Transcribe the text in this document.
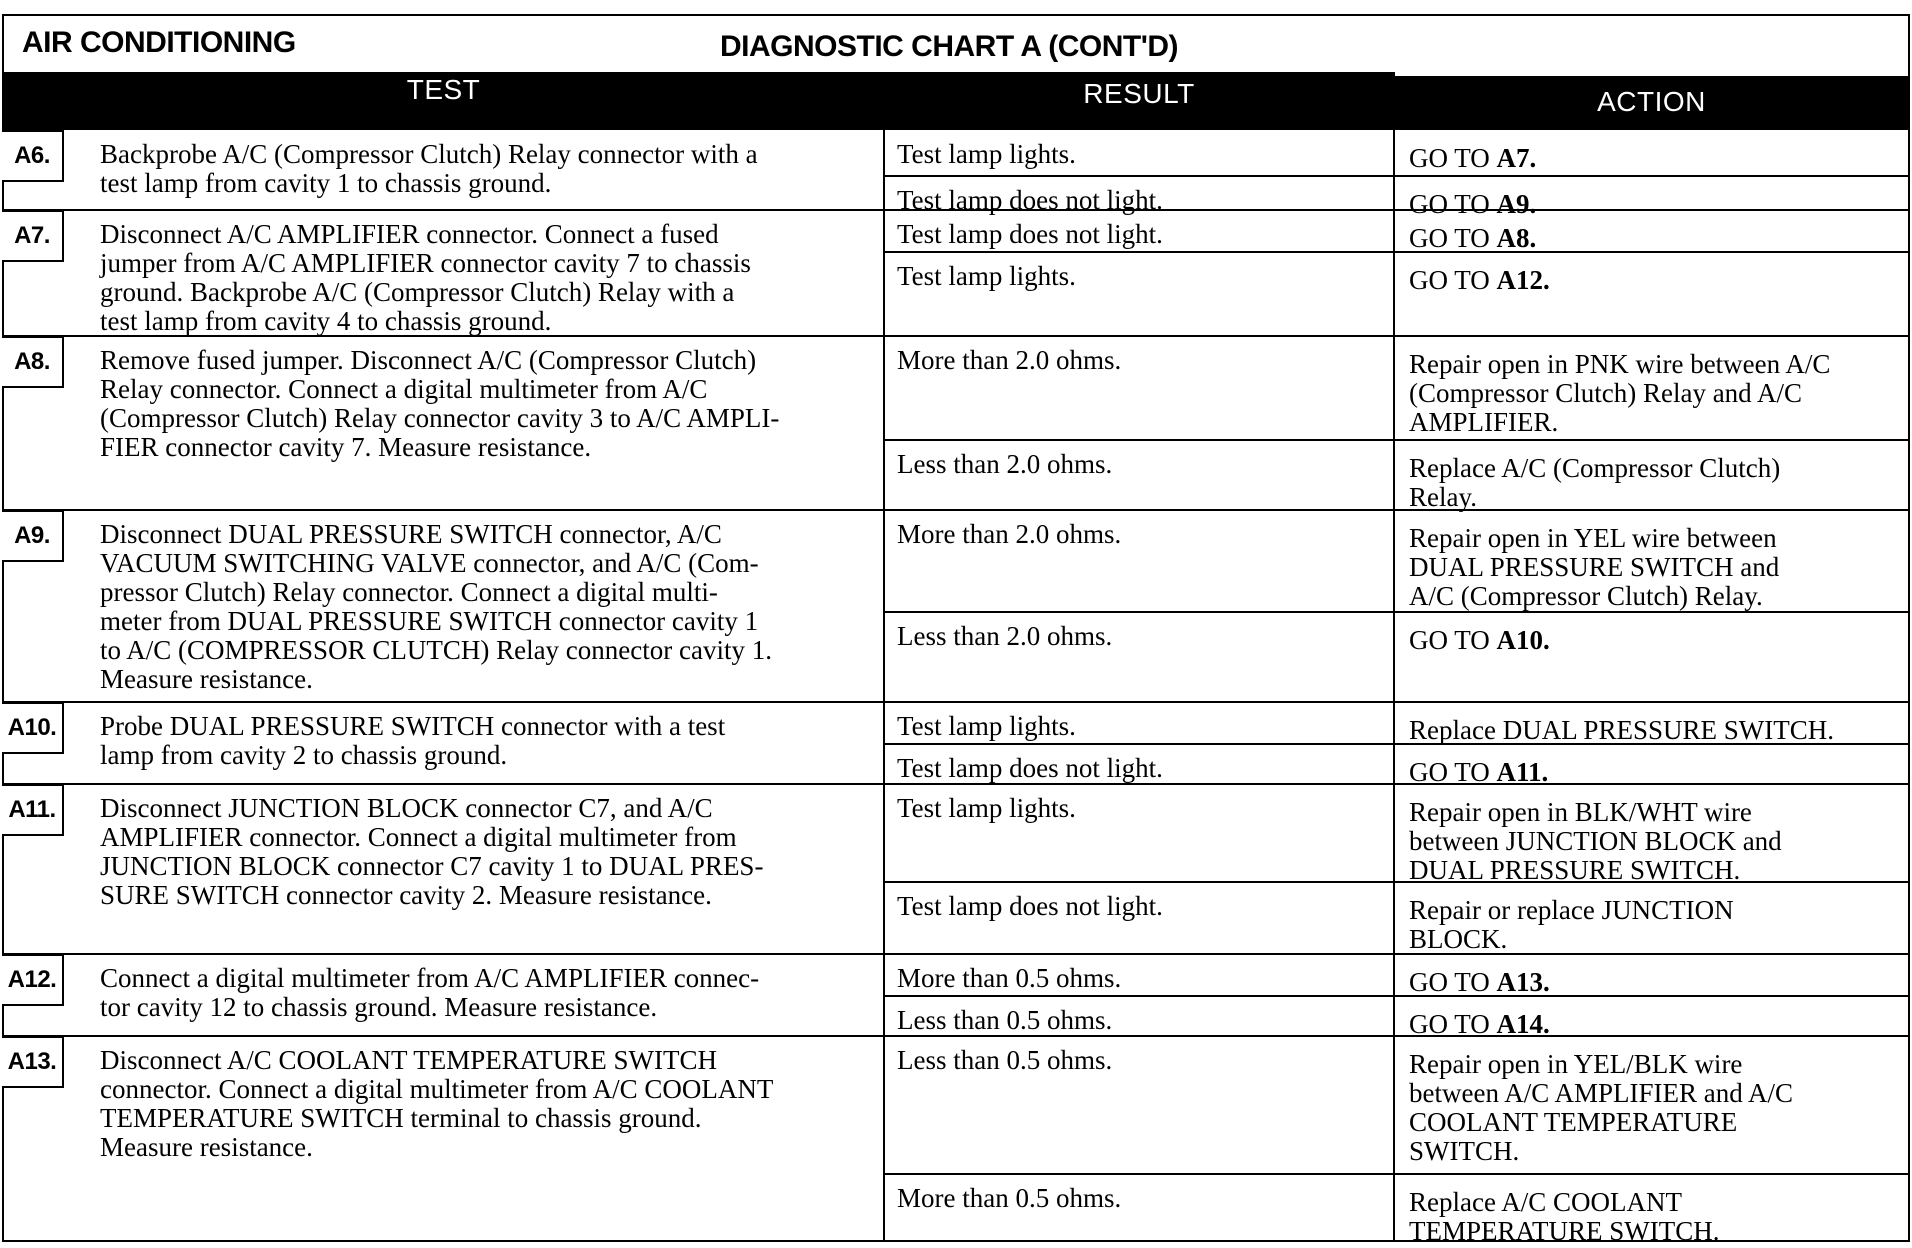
AIR CONDITIONING	DIAGNOSTIC CHART A (CONT'D)
TEST	RESULT	ACTION
A6.	Backprobe A/C (Compressor Clutch) Relay connector with a
test lamp from cavity 1 to chassis ground.
Test lamp lights.	GO TO A7.
Test lamp does not light.	GO TO A9.
A7.	Disconnect A/C AMPLIFIER connector. Connect a fused
jumper from A/C AMPLIFIER connector cavity 7 to chassis
ground. Backprobe A/C (Compressor Clutch) Relay with a
test lamp from cavity 4 to chassis ground.
Test lamp does not light.	GO TO A8.
Test lamp lights.	GO TO A12.
A8.	Remove fused jumper. Disconnect A/C (Compressor Clutch)
Relay connector. Connect a digital multimeter from A/C
(Compressor Clutch) Relay connector cavity 3 to A/C AMPLI-
FIER connector cavity 7. Measure resistance.
More than 2.0 ohms.	Repair open in PNK wire between A/C
(Compressor Clutch) Relay and A/C
AMPLIFIER.
Less than 2.0 ohms.	Replace A/C (Compressor Clutch)
Relay.
A9.	Disconnect DUAL PRESSURE SWITCH connector, A/C
VACUUM SWITCHING VALVE connector, and A/C (Com-
pressor Clutch) Relay connector. Connect a digital multi-
meter from DUAL PRESSURE SWITCH connector cavity 1
to A/C (COMPRESSOR CLUTCH) Relay connector cavity 1.
Measure resistance.
More than 2.0 ohms.	Repair open in YEL wire between
DUAL PRESSURE SWITCH and
A/C (Compressor Clutch) Relay.
Less than 2.0 ohms.	GO TO A10.
A10. Probe DUAL PRESSURE SWITCH connector with a test
lamp from cavity 2 to chassis ground.
Test lamp lights.	Replace DUAL PRESSURE SWITCH.
Test lamp does not light.	GO TO A11.
A11.	Disconnect JUNCTION BLOCK connector C7, and A/C
AMPLIFIER connector. Connect a digital multimeter from
JUNCTION BLOCK connector C7 cavity 1 to DUAL PRES-
SURE SWITCH connector cavity 2. Measure resistance.
Test lamp lights.	Repair open in BLK/WHT wire
between JUNCTION BLOCK and
DUAL PRESSURE SWITCH.
Test lamp does not light.	Repair or replace JUNCTION
BLOCK.
A12. Connect a digital multimeter from A/C AMPLIFIER connec-
tor cavity 12 to chassis ground. Measure resistance.
More than 0.5 ohms.	GO TO A13.
Less than 0.5 ohms.	GO TO A14.
A13. Disconnect A/C COOLANT TEMPERATURE SWITCH
connector. Connect a digital multimeter from A/C COOLANT
TEMPERATURE SWITCH terminal to chassis ground.
Measure resistance.
Less than 0.5 ohms.	Repair open in YEL/BLK wire
between A/C AMPLIFIER and A/C
COOLANT TEMPERATURE
SWITCH.
More than 0.5 ohms.	Replace A/C COOLANT
TEMPERATURE SWITCH.
